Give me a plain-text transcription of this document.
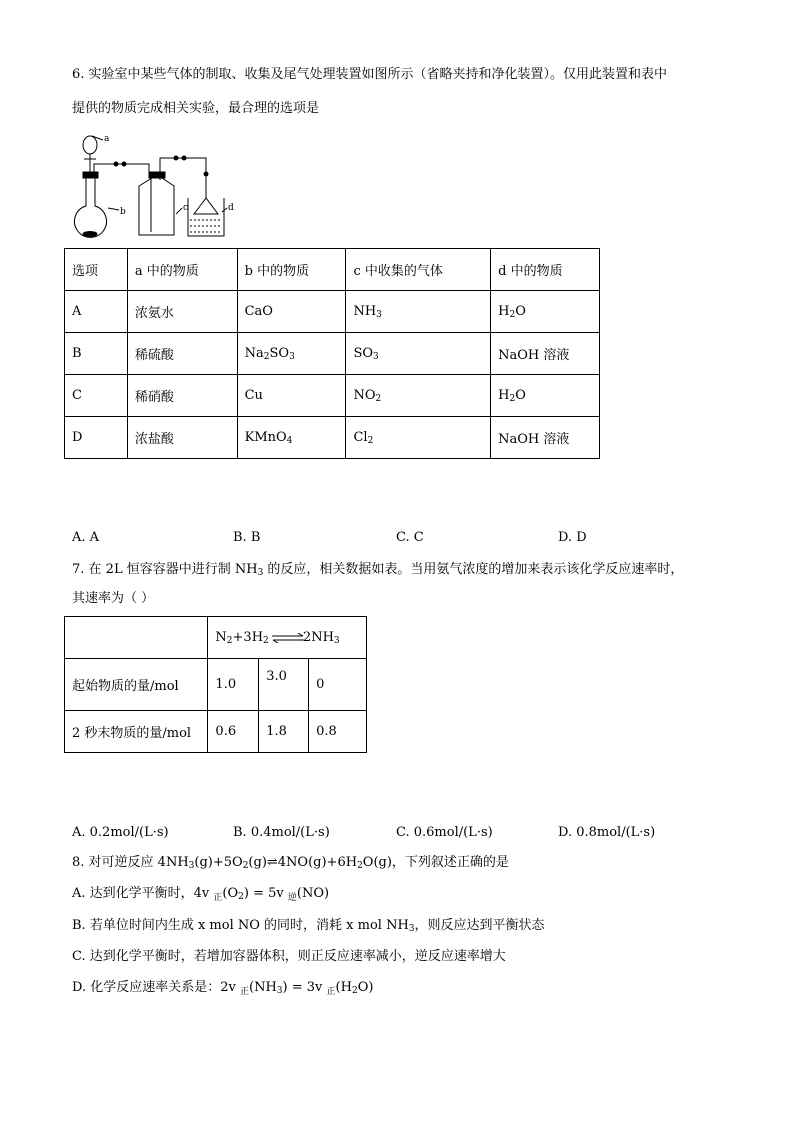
6. 实验室中某些气体的制取、收集及尾气处理装置如图所示（省略夹持和净化装置）。仅用此装置和表中
提供的物质完成相关实验，最合理的选项是
a
b	c	d
选项	a 中的物质	b 中的物质	c 中收集的气体	d 中的物质
A	浓氨水	CaO	$NH_3$	$H_2O$
B	稀硫酸	$Na_2SO_3$	$SO_3$	NaOH 溶液
C	稀硝酸	Cu	$NO_2$	$H_2O$
D	浓盐酸	KMnO$_4$	$Cl_2$	NaOH 溶液
A. A	B. B	C. C	D. D
7. 在 2L 恒容容器中进行制 $NH_3$ 的反应，相关数据如表。当用氨气浓度的增加来表示该化学反应速率时，
其速率为（ ）
	$N_2+3H_2$ $\rightleftharpoons 2NH_3$
起始物质的量/mol	1.0	3.0	0
2 秒末物质的量/mol	0.6	1.8	0.8
A. 0.2mol/(L·s)	B. 0.4mol/(L·s)	C. 0.6mol/(L·s)	D. 0.8mol/(L·s)
8. 对可逆反应 $4NH_3(g)+5O_2(g)\rightleftharpoons 4NO(g)+6H_2O(g)$，下列叙述正确的是
A. 达到化学平衡时，4v $_正(O_2) = 5v$ $_逆$(NO)
B. 若单位时间内生成 x mol NO 的同时，消耗 x mol $NH_3$，则反应达到平衡状态
C. 达到化学平衡时，若增加容器体积，则正反应速率减小，逆反应速率增大
D. 化学反应速率关系是：2v $_正(NH_3) = 3v$ $_正(H_2O)$
